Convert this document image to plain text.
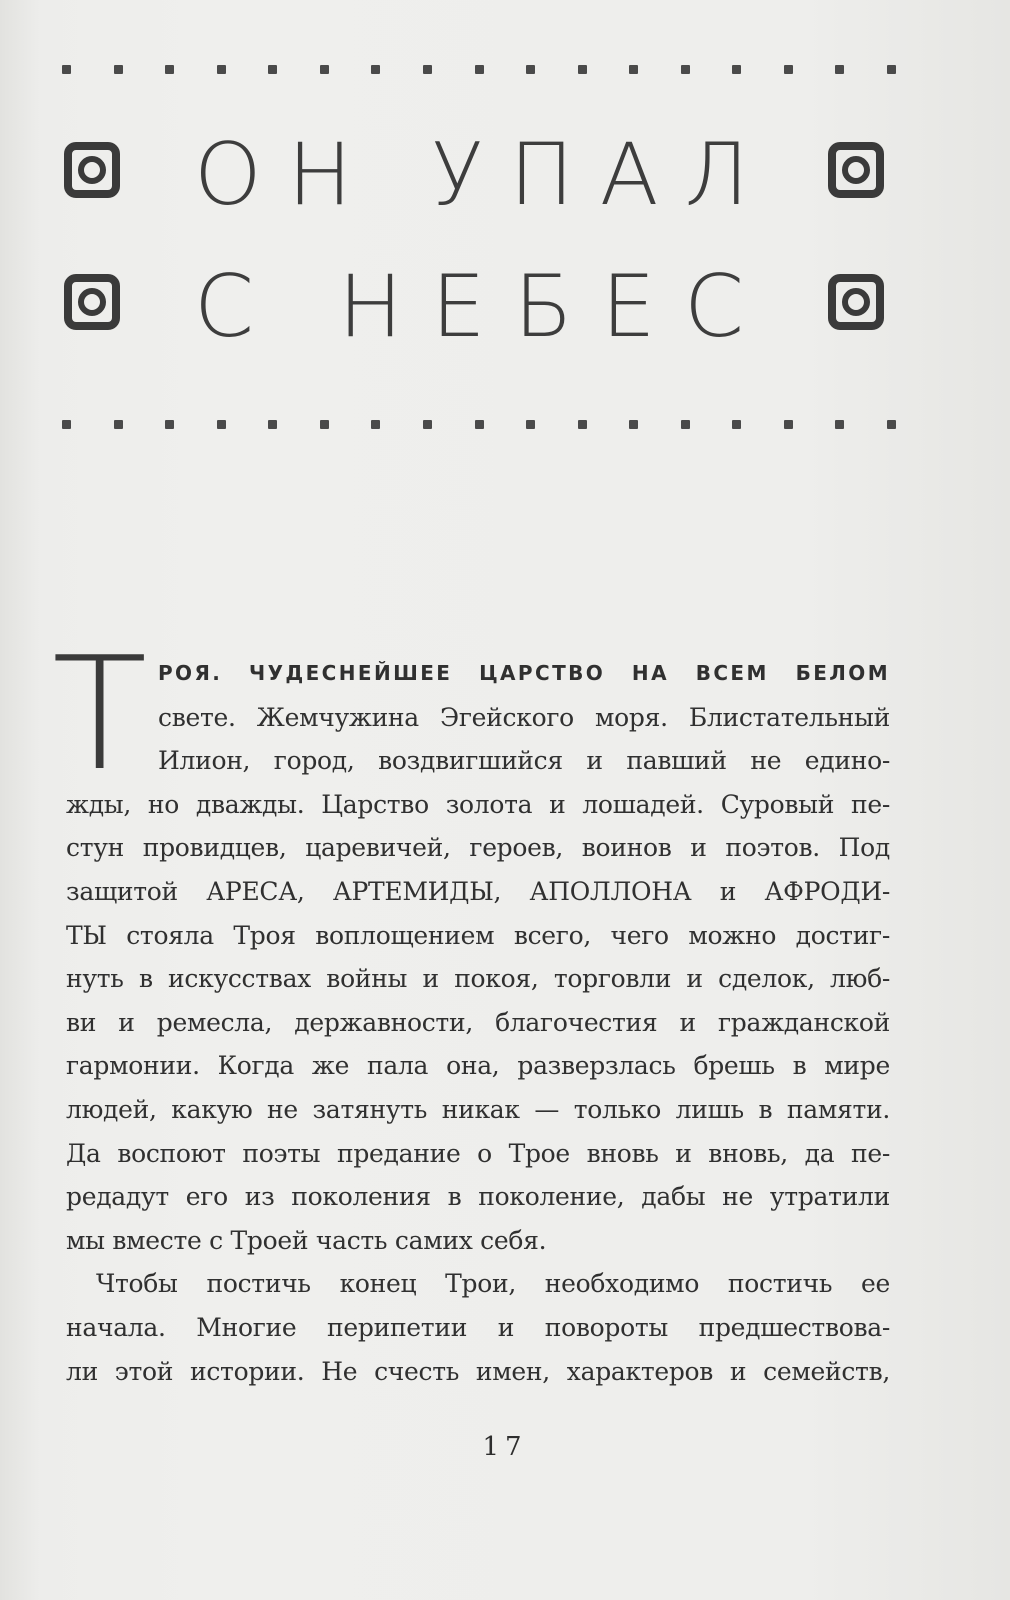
ОН УПАЛ
С НЕБЕС
Т РОЯ. ЧУДЕСНЕЙШЕЕ ЦАРСТВО НА ВСЕМ БЕЛОМ
свете. Жемчужина Эгейского моря. Блистательный
Илион, город, воздвигшийся и павший не едино-
жды, но дважды. Царство золота и лошадей. Суровый пе-
стун провидцев, царевичей, героев, воинов и поэтов. Под
защитой АРЕСА, АРТЕМИДЫ, АПОЛЛОНА и АФРОДИ-
ТЫ стояла Троя воплощением всего, чего можно достиг-
нуть в искусствах войны и покоя, торговли и сделок, люб-
ви и ремесла, державности, благочестия и гражданской
гармонии. Когда же пала она, разверзлась брешь в мире
людей, какую не затянуть никак — только лишь в памяти.
Да воспоют поэты предание о Трое вновь и вновь, да пе-
редадут его из поколения в поколение, дабы не утратили
мы вместе с Троей часть самих себя.
Чтобы постичь конец Трои, необходимо постичь ее
начала. Многие перипетии и повороты предшествова-
ли этой истории. Не счесть имен, характеров и семейств,
17
